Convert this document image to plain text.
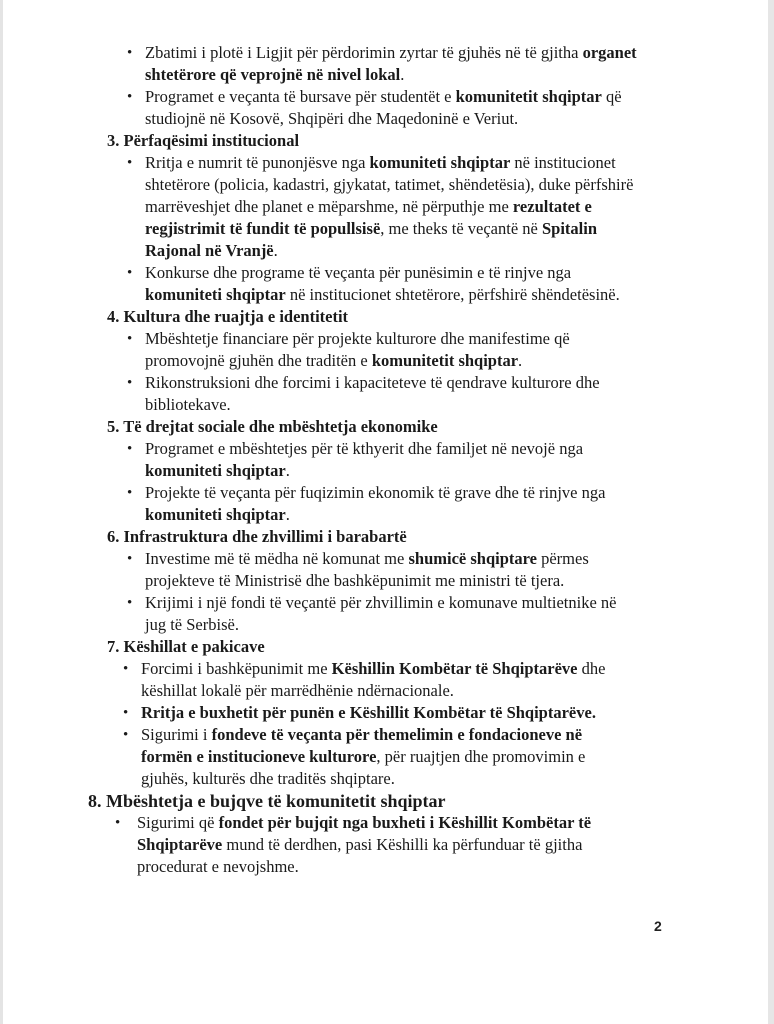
• Zbatimi i plotë i Ligjit për përdorimin zyrtar të gjuhës në të gjitha organet shtetërore që veprojnë në nivel lokal.
• Programet e veçanta të bursave për studentët e komunitetit shqiptar që studiojnë në Kosovë, Shqipëri dhe Maqedoninë e Veriut.
3. Përfaqësimi institucional
• Rritja e numrit të punonjësve nga komuniteti shqiptar në institucionet shtetërore (policia, kadastri, gjykatat, tatimet, shëndetësia), duke përfshirë marrëveshjet dhe planet e mëparshme, në përputhje me rezultatet e regjistrimit të fundit të popullsisë, me theks të veçantë në Spitalin Rajonal në Vranjë.
• Konkurse dhe programe të veçanta për punësimin e të rinjve nga komuniteti shqiptar në institucionet shtetërore, përfshirë shëndetësinë.
4. Kultura dhe ruajtja e identitetit
• Mbështetje financiare për projekte kulturore dhe manifestime që promovojnë gjuhën dhe traditën e komunitetit shqiptar.
• Rikonstruksioni dhe forcimi i kapaciteteve të qendrave kulturore dhe bibliotekave.
5. Të drejtat sociale dhe mbështetja ekonomike
• Programet e mbështetjes për të kthyerit dhe familjet në nevojë nga komuniteti shqiptar.
• Projekte të veçanta për fuqizimin ekonomik të grave dhe të rinjve nga komuniteti shqiptar.
6. Infrastruktura dhe zhvillimi i barabartë
• Investime më të mëdha në komunat me shumicë shqiptare përmes projekteve të Ministrisë dhe bashkëpunimit me ministri të tjera.
• Krijimi i një fondi të veçantë për zhvillimin e komunave multietnike në jug të Serbisë.
7. Këshillat e pakicave
• Forcimi i bashkëpunimit me Këshillin Kombëtar të Shqiptarëve dhe këshillat lokalë për marrëdhënie ndërnacionale.
• Rritja e buxhetit për punën e Këshillit Kombëtar të Shqiptarëve.
• Sigurimi i fondeve të veçanta për themelimin e fondacioneve në formën e institucioneve kulturore, për ruajtjen dhe promovimin e gjuhës, kulturës dhe traditës shqiptare.
8. Mbështetja e bujqve të komunitetit shqiptar
• Sigurimi që fondet për bujqit nga buxheti i Këshillit Kombëtar të Shqiptarëve mund të derdhen, pasi Këshilli ka përfunduar të gjitha procedurat e nevojshme.
2
